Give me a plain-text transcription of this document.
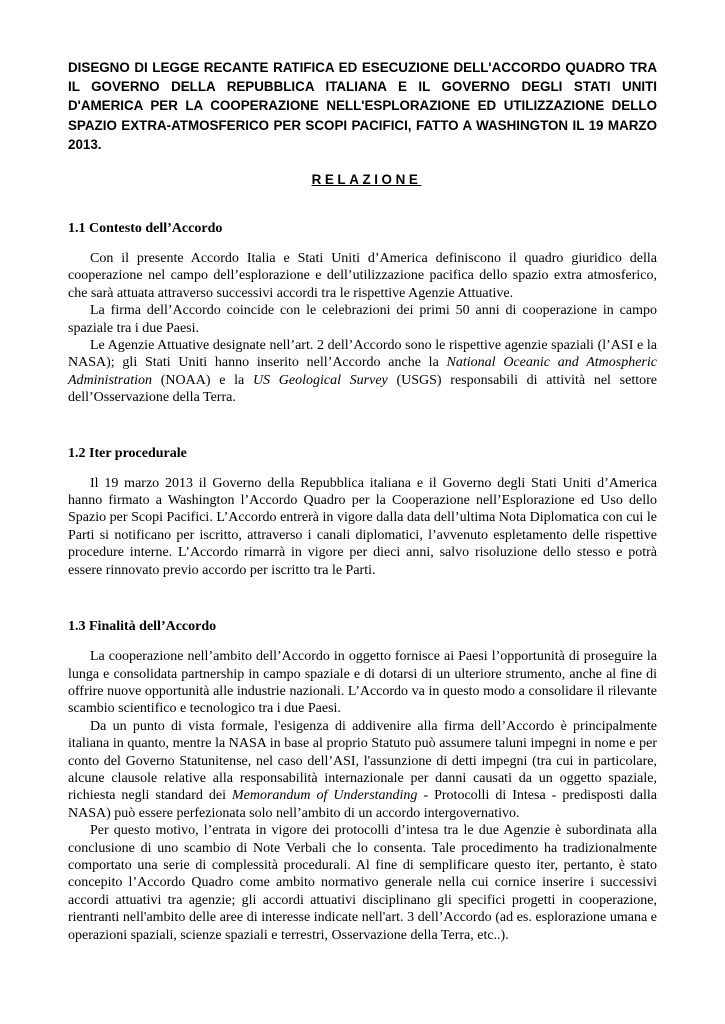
DISEGNO DI LEGGE RECANTE RATIFICA ED ESECUZIONE DELL'ACCORDO QUADRO TRA IL GOVERNO DELLA REPUBBLICA ITALIANA E IL GOVERNO DEGLI STATI UNITI D'AMERICA PER LA COOPERAZIONE NELL'ESPLORAZIONE ED UTILIZZAZIONE DELLO SPAZIO EXTRA-ATMOSFERICO PER SCOPI PACIFICI, FATTO A WASHINGTON IL 19 MARZO 2013.

RELAZIONE

1.1 Contesto dell’Accordo

Con il presente Accordo Italia e Stati Uniti d’America definiscono il quadro giuridico della cooperazione nel campo dell’esplorazione e dell’utilizzazione pacifica dello spazio extra atmosferico, che sarà attuata attraverso successivi accordi tra le rispettive Agenzie Attuative.

La firma dell’Accordo coincide con le celebrazioni dei primi 50 anni di cooperazione in campo spaziale tra i due Paesi.

Le Agenzie Attuative designate nell’art. 2 dell’Accordo sono le rispettive agenzie spaziali (l’ASI e la NASA); gli Stati Uniti hanno inserito nell’Accordo anche la National Oceanic and Atmospheric Administration (NOAA) e la US Geological Survey (USGS) responsabili di attività nel settore dell’Osservazione della Terra.

1.2 Iter procedurale

Il 19 marzo 2013 il Governo della Repubblica italiana e il Governo degli Stati Uniti d’America hanno firmato a Washington l’Accordo Quadro per la Cooperazione nell’Esplorazione ed Uso dello Spazio per Scopi Pacifici. L’Accordo entrerà in vigore dalla data dell’ultima Nota Diplomatica con cui le Parti si notificano per iscritto, attraverso i canali diplomatici, l’avvenuto espletamento delle rispettive procedure interne. L’Accordo rimarrà in vigore per dieci anni, salvo risoluzione dello stesso e potrà essere rinnovato previo accordo per iscritto tra le Parti.

1.3 Finalità dell’Accordo

La cooperazione nell’ambito dell’Accordo in oggetto fornisce ai Paesi l’opportunità di proseguire la lunga e consolidata partnership in campo spaziale e di dotarsi di un ulteriore strumento, anche al fine di offrire nuove opportunità alle industrie nazionali. L’Accordo va in questo modo a consolidare il rilevante scambio scientifico e tecnologico tra i due Paesi.

Da un punto di vista formale, l'esigenza di addivenire alla firma dell’Accordo è principalmente italiana in quanto, mentre la NASA in base al proprio Statuto può assumere taluni impegni in nome e per conto del Governo Statunitense, nel caso dell’ASI, l'assunzione di detti impegni (tra cui in particolare, alcune clausole relative alla responsabilità internazionale per danni causati da un oggetto spaziale, richiesta negli standard dei Memorandum of Understanding - Protocolli di Intesa - predisposti dalla NASA) può essere perfezionata solo nell’ambito di un accordo intergovernativo.

Per questo motivo, l’entrata in vigore dei protocolli d’intesa tra le due Agenzie è subordinata alla conclusione di uno scambio di Note Verbali che lo consenta. Tale procedimento ha tradizionalmente comportato una serie di complessità procedurali. Al fine di semplificare questo iter, pertanto, è stato concepito l’Accordo Quadro come ambito normativo generale nella cui cornice inserire i successivi accordi attuativi tra agenzie; gli accordi attuativi disciplinano gli specifici progetti in cooperazione, rientranti nell'ambito delle aree di interesse indicate nell'art. 3 dell’Accordo (ad es. esplorazione umana e operazioni spaziali, scienze spaziali e terrestri, Osservazione della Terra, etc..).
